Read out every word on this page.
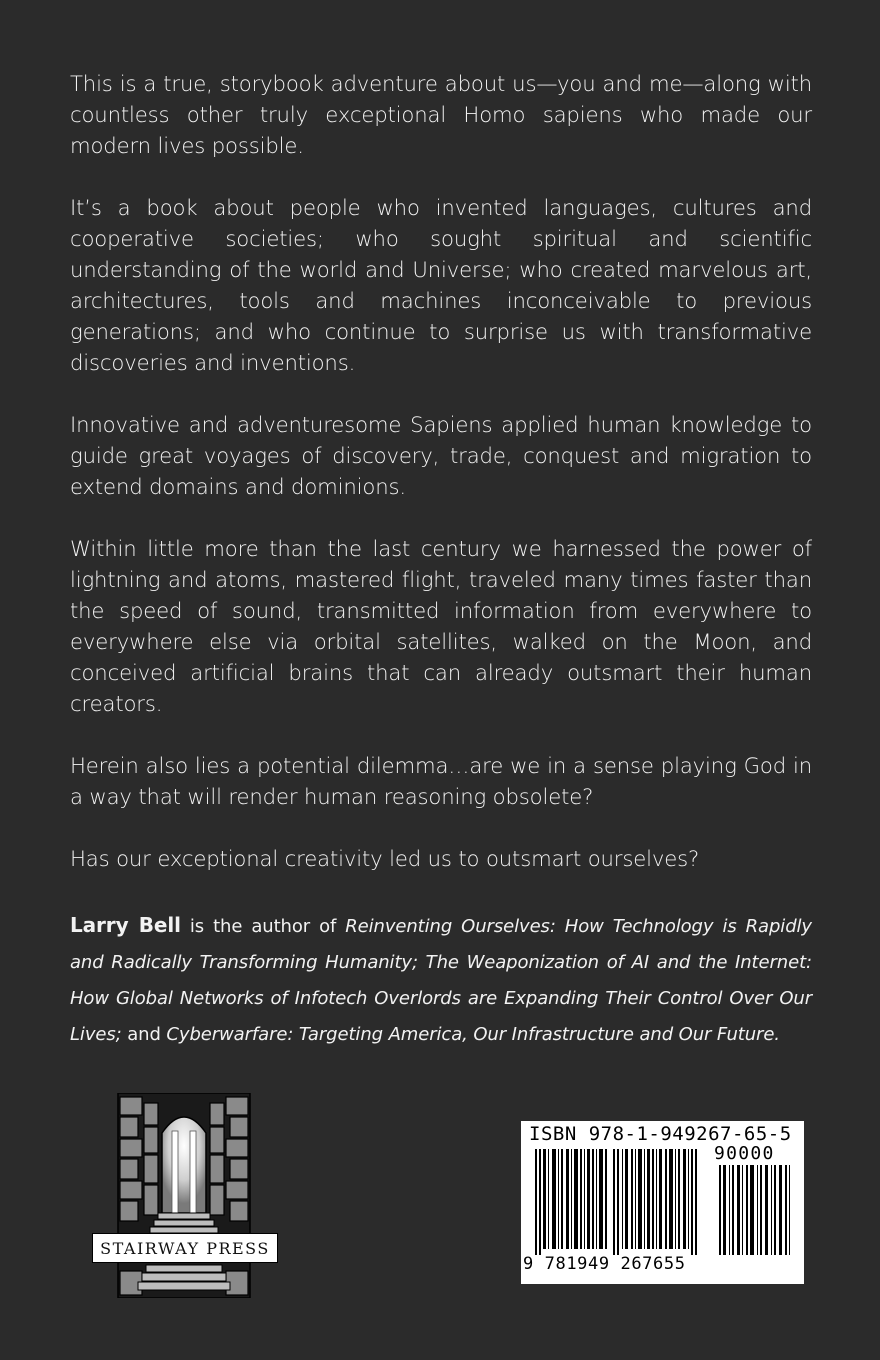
This is a true, storybook adventure about us—you and me—along with countless other truly exceptional Homo sapiens who made our modern lives possible.

It’s a book about people who invented languages, cultures and cooperative societies; who sought spiritual and scientific understanding of the world and Universe; who created marvelous art, architectures, tools and machines inconceivable to previous generations; and who continue to surprise us with transformative discoveries and inventions.

Innovative and adventuresome Sapiens applied human knowledge to guide great voyages of discovery, trade, conquest and migration to extend domains and dominions.

Within little more than the last century we harnessed the power of lightning and atoms, mastered flight, traveled many times faster than the speed of sound, transmitted information from everywhere to everywhere else via orbital satellites, walked on the Moon, and conceived artificial brains that can already outsmart their human creators.

Herein also lies a potential dilemma…are we in a sense playing God in a way that will render human reasoning obsolete?

Has our exceptional creativity led us to outsmart ourselves?

Larry Bell is the author of Reinventing Ourselves: How Technology is Rapidly and Radically Transforming Humanity; The Weaponization of AI and the Internet: How Global Networks of Infotech Overlords are Expanding Their Control Over Our Lives; and Cyberwarfare: Targeting America, Our Infrastructure and Our Future.
STAIRWAY PRESS
ISBN 978-1-949267-65-5
90000
9 781949 267655
